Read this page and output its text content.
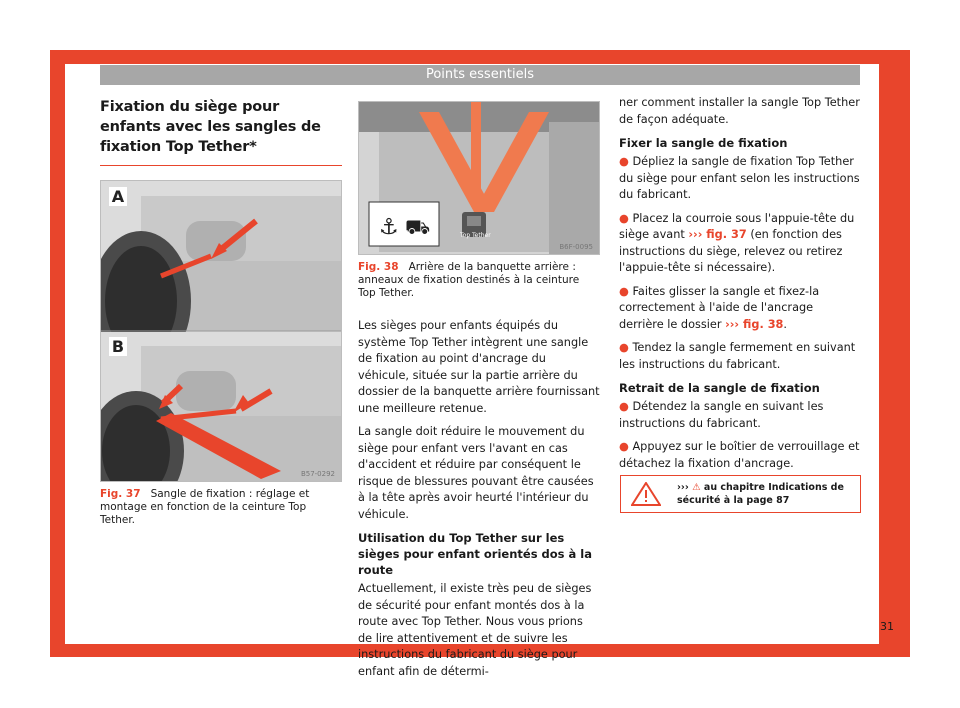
Points essentiels
Fixation du siège pour enfants avec les sangles de fixation Top Tether*
A
B
B57-0292
Fig. 37 Sangle de fixation : réglage et montage en fonction de la ceinture Top Tether.
⚓ ⛟	Top Tether
B6F-0095
Fig. 38 Arrière de la banquette arrière : anneaux de fixation destinés à la ceinture Top Tether.

Les sièges pour enfants équipés du système Top Tether intègrent une sangle de fixation au point d'ancrage du véhicule, située sur la partie arrière du dossier de la banquette arrière fournissant une meilleure retenue.

La sangle doit réduire le mouvement du siège pour enfant vers l'avant en cas d'accident et réduire par conséquent le risque de blessures pouvant être causées à la tête après avoir heurté l'intérieur du véhicule.

Utilisation du Top Tether sur les sièges pour enfant orientés dos à la route

Actuellement, il existe très peu de sièges de sécurité pour enfant montés dos à la route avec Top Tether. Nous vous prions de lire attentivement et de suivre les instructions du fabricant du siège pour enfant afin de détermi-

ner comment installer la sangle Top Tether de façon adéquate.

Fixer la sangle de fixation

● Dépliez la sangle de fixation Top Tether du siège pour enfant selon les instructions du fabricant.

● Placez la courroie sous l'appuie-tête du siège avant ››› fig. 37 (en fonction des instructions du siège, relevez ou retirez l'appuie-tête si nécessaire).

● Faites glisser la sangle et fixez-la correctement à l'aide de l'ancrage derrière le dossier ››› fig. 38.

● Tendez la sangle fermement en suivant les instructions du fabricant.

Retrait de la sangle de fixation

● Détendez la sangle en suivant les instructions du fabricant.

● Appuyez sur le boîtier de verrouillage et détachez la fixation d'ancrage.

››› ⚠ au chapitre Indications de sécurité à la page 87
31
